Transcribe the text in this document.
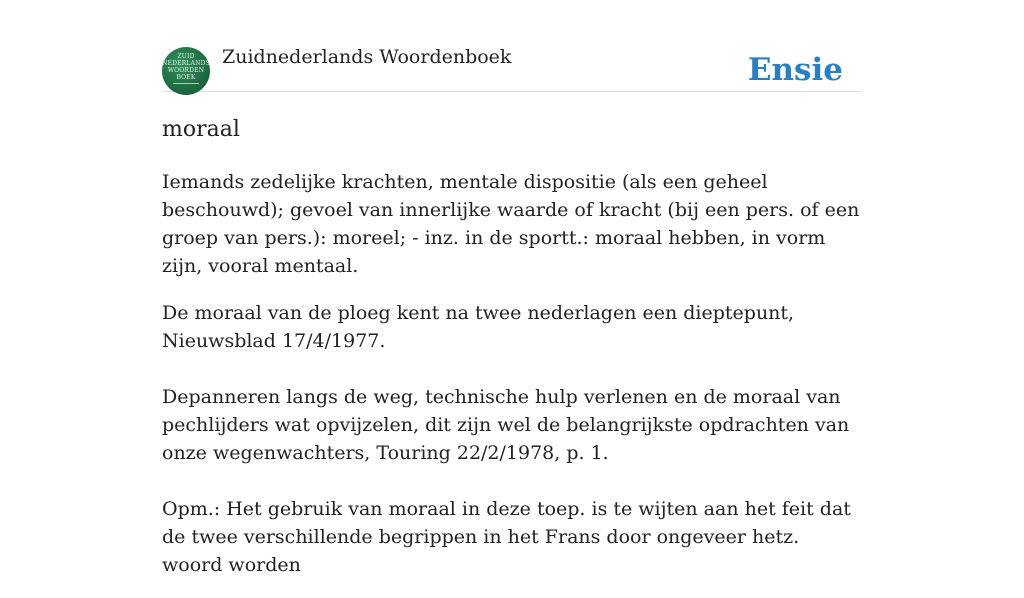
ZUID
NEDERLANDS
WOORDEN
BOEK
Zuidnederlands Woordenboek	Ensie
moraal

Iemands zedelijke krachten, mentale dispositie (als een geheel beschouwd); gevoel van innerlijke waarde of kracht (bij een pers. of een groep van pers.): moreel; - inz. in de sportt.: moraal hebben, in vorm zijn, vooral mentaal.

De moraal van de ploeg kent na twee nederlagen een dieptepunt, Nieuwsblad 17/4/1977.

Depanneren langs de weg, technische hulp verlenen en de moraal van pechlijders wat opvijzelen, dit zijn wel de belangrijkste opdrachten van onze wegenwachters, Touring 22/2/1978, p. 1.

Opm.: Het gebruik van moraal in deze toep. is te wijten aan het feit dat de twee verschillende begrippen in het Frans door ongeveer hetz. woord worden
